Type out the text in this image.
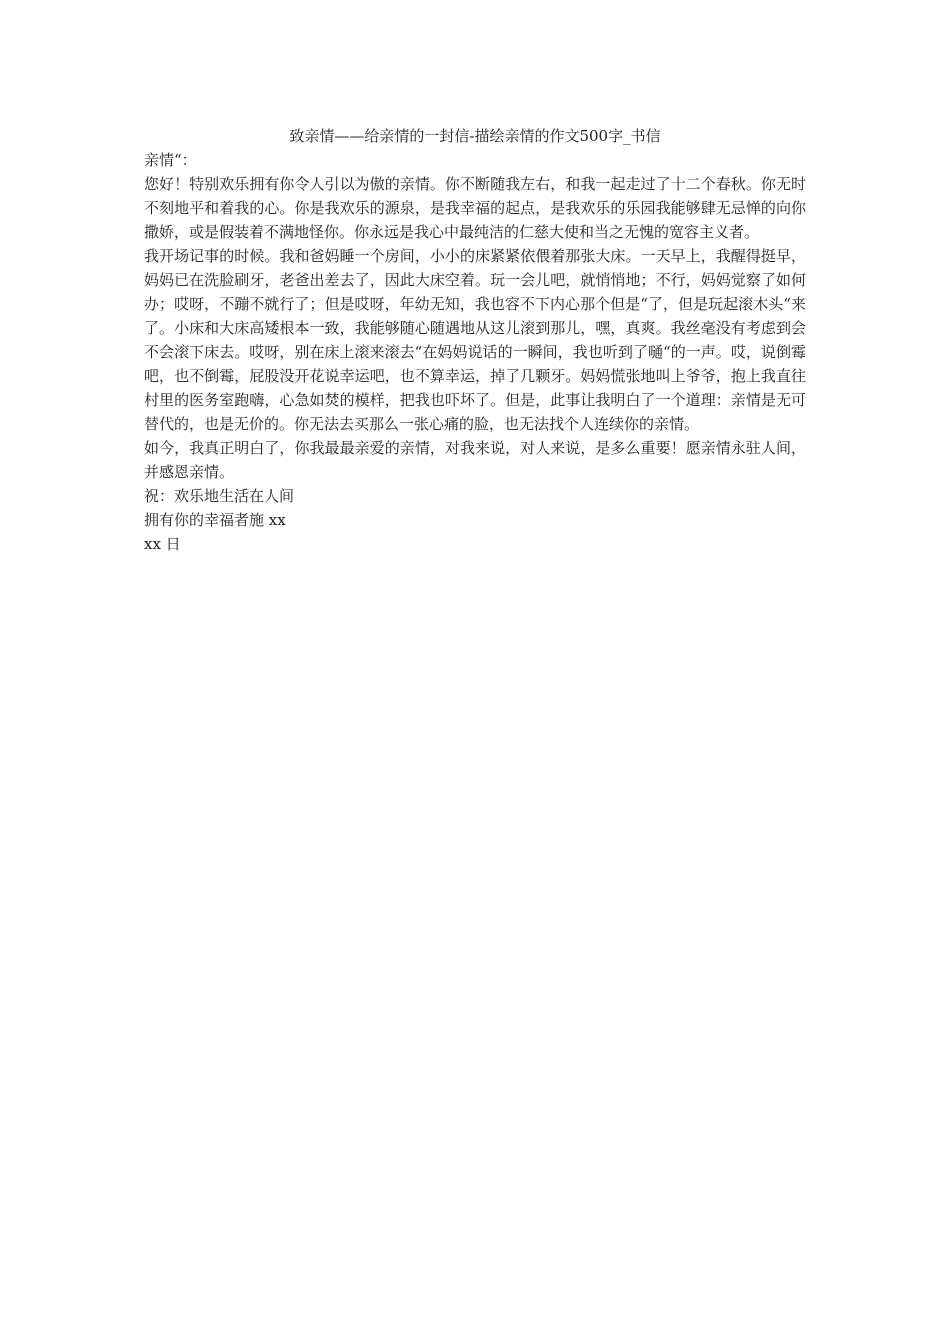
致亲情——给亲情的一封信-描绘亲情的作文500字_书信
亲情“：
您好！特别欢乐拥有你令人引以为傲的亲情。你不断随我左右，和我一起走过了十二个春秋。你无时不刻地平和着我的心。你是我欢乐的源泉，是我幸福的起点，是我欢乐的乐园我能够肆无忌惮的向你撒娇，或是假装着不满地怪你。你永远是我心中最纯洁的仁慈大使和当之无愧的宽容主义者。
我开场记事的时候。我和爸妈睡一个房间，小小的床紧紧依偎着那张大床。一天早上，我醒得挺早，妈妈已在洗脸刷牙，老爸出差去了，因此大床空着。玩一会儿吧，就悄悄地；不行，妈妈觉察了如何办；哎呀，不蹦不就行了；但是哎呀，年幼无知，我也容不下内心那个但是“了，但是玩起滚木头“来了。小床和大床高矮根本一致，我能够随心随遇地从这儿滚到那儿，嘿，真爽。我丝毫没有考虑到会不会滚下床去。哎呀，别在床上滚来滚去“在妈妈说话的一瞬间，我也听到了嗵“的一声。哎，说倒霉吧，也不倒霉，屁股没开花说幸运吧，也不算幸运，掉了几颗牙。妈妈慌张地叫上爷爷，抱上我直往村里的医务室跑嗨，心急如焚的模样，把我也吓坏了。但是，此事让我明白了一个道理：亲情是无可替代的，也是无价的。你无法去买那么一张心痛的脸，也无法找个人连续你的亲情。
如今，我真正明白了，你我最最亲爱的亲情，对我来说，对人来说，是多么重要！愿亲情永驻人间，并感恩亲情。
祝：欢乐地生活在人间
拥有你的幸福者施 xx
xx 日
